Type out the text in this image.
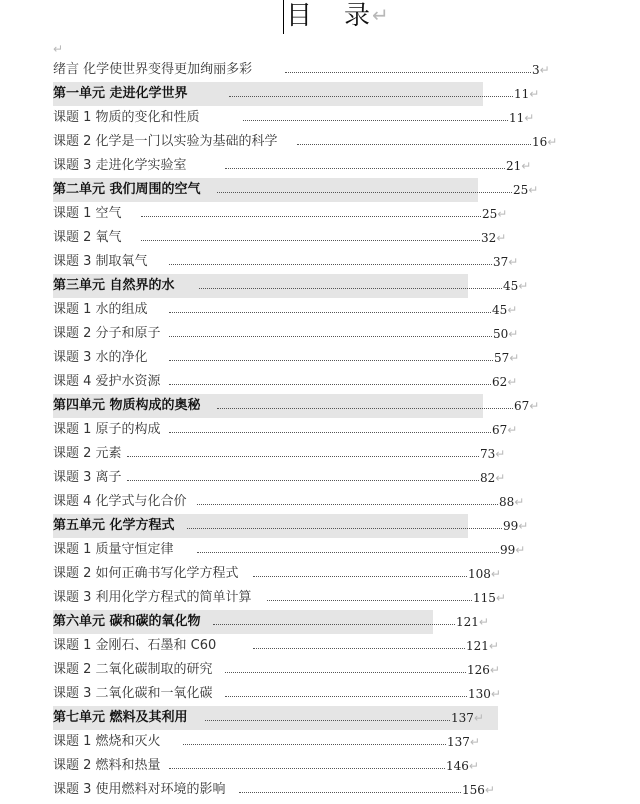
目 录↵
↵
绪言 化学使世界变得更加绚丽多彩	3↵
第一单元 走进化学世界	11↵
课题 1 物质的变化和性质	11↵
课题 2 化学是一门以实验为基础的科学	16↵
课题 3 走进化学实验室	21↵
第二单元 我们周围的空气	25↵
课题 1 空气	25↵
课题 2 氧气	32↵
课题 3 制取氧气	37↵
第三单元 自然界的水	45↵
课题 1 水的组成	45↵
课题 2 分子和原子	50↵
课题 3 水的净化	57↵
课题 4 爱护水资源	62↵
第四单元 物质构成的奥秘	67↵
课题 1 原子的构成	67↵
课题 2 元素	73↵
课题 3 离子	82↵
课题 4 化学式与化合价	88↵
第五单元 化学方程式	99↵
课题 1 质量守恒定律	99↵
课题 2 如何正确书写化学方程式	108↵
课题 3 利用化学方程式的简单计算	115↵
第六单元 碳和碳的氧化物	121↵
课题 1 金刚石、石墨和 C60	121↵
课题 2 二氧化碳制取的研究	126↵
课题 3 二氧化碳和一氧化碳	130↵
第七单元 燃料及其利用	137↵
课题 1 燃烧和灭火	137↵
课题 2 燃料和热量	146↵
课题 3 使用燃料对环境的影响	156↵
